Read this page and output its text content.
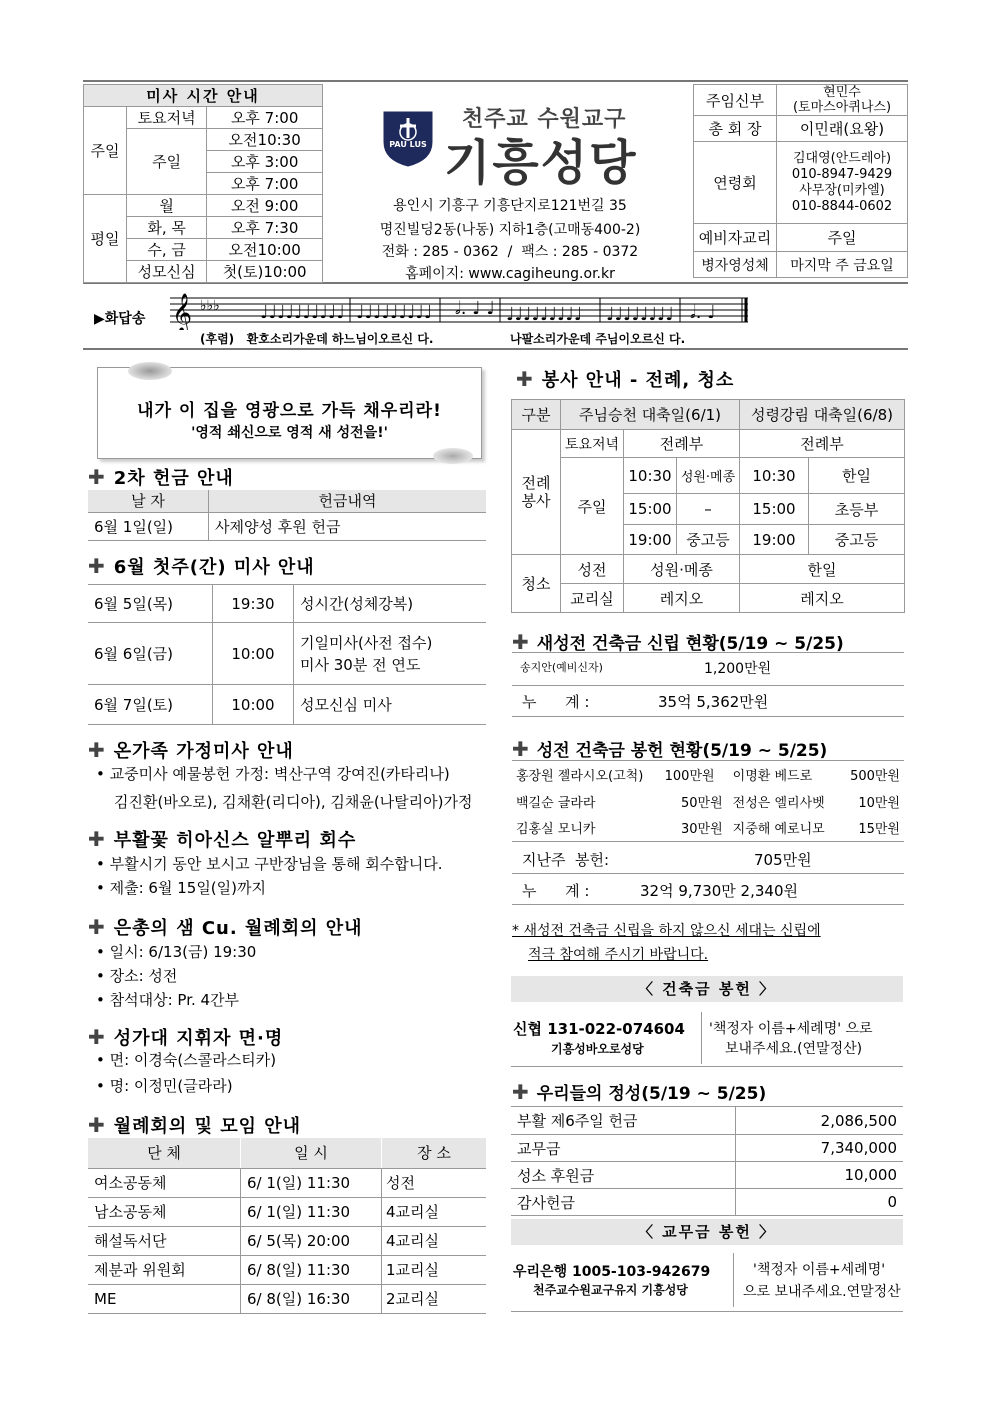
미사 시간 안내		
주일	토요저녁	오후 7:00
	주일	오전10:30
		오후 3:00
		오후 7:00
평일	월	오전 9:00
	화, 목	오후 7:30
	수, 금	오전10:00
	성모신심	첫(토)10:00
PAU LUS
천주교 수원교구
기흥성당
용인시 기흥구 기흥단지로121번길 35
명진빌딩2동(나동) 지하1층(고매동400-2)
전화 : 285 - 0362  /  팩스 : 285 - 0372
홈페이지: www.cagiheung.or.kr
주임신부	현민수
(토마스아퀴나스)
총 회 장	이민래(요왕)
연령회	김대영(안드레아)
010-8947-9429
사무장(미카엘)
010-8844-0602
예비자교리	주일
병자영성체	마지막 주 금요일
▶화답송 𝄞 ♭♭♭ ♩♩♩♩♩♩♩♩♩♩ ♩♩♩♩♩♩♩♩♩ 𝅗𝅥. ♩ ♩ ♩♩♩♩♩♩♩♩♩ ♩♩♩♩♩♩♩♩ 𝅗𝅥. ♩
(후렴)   환호소리가운데 하느님이오르신 다.	나팔소리가운데 주님이오르신 다.
내가 이 집을 영광으로 가득 채우리라!
'영적 쇄신으로 영적 새 성전을!'
✚ 2차 헌금 안내
날 자	헌금내역
6월 1일(일)	사제양성 후원 헌금
✚ 6월 첫주(간) 미사 안내
6월 5일(목)	19:30	성시간(성체강복)
6월 6일(금)	10:00	기일미사(사전 접수)
미사 30분 전 연도
6월 7일(토)	10:00	성모신심 미사
✚ 온가족 가정미사 안내
• 교중미사 예물봉헌 가정: 벽산구역 강여진(카타리나)
김진환(바오로), 김채환(리디아), 김채윤(나탈리아)가정
✚ 부활꽃 히아신스 알뿌리 회수
• 부활시기 동안 보시고 구반장님을 통해 회수합니다.
• 제출: 6월 15일(일)까지
✚ 은총의 샘 Cu. 월례회의 안내
• 일시: 6/13(금) 19:30
• 장소: 성전
• 참석대상: Pr. 4간부
✚ 성가대 지휘자 면·명
• 면: 이경숙(스콜라스티카)
• 명: 이정민(글라라)
✚ 월례회의 및 모임 안내
단 체	일 시	장 소
여소공동체	6/ 1(일) 11:30	성전
남소공동체	6/ 1(일) 11:30	4교리실
해설독서단	6/ 5(목) 20:00	4교리실
제분과 위원회	6/ 8(일) 11:30	1교리실
ME	6/ 8(일) 16:30	2교리실
✚ 봉사 안내 - 전례, 청소
구분	주님승천 대축일(6/1)			성령강림 대축일(6/8)	
전례
봉사	토요저녁	전례부		전례부	
	주일	10:30	성원·메종	10:30	한일
		15:00	–	15:00	초등부
		19:00	중고등	19:00	중고등
청소	성전	성원·메종		한일	
	교리실	레지오		레지오	
✚ 새성전 건축금 신립 현황(5/19 ~ 5/25)
송지안(예비신자)	1,200만원
누      계 :	35억 5,362만원
✚ 성전 건축금 봉헌 현황(5/19 ~ 5/25)
홍장원 젤라시오(고척)	100만원	이명환 베드로	500만원
백길순 글라라	50만원	전성은 엘리사벳	10만원
김홍실 모니카	30만원	지중해 예로니모	15만원
지난주  봉헌:	705만원
누      계 :	32억 9,730만 2,340원
* 새성전 건축금 신립을 하지 않으신 세대는 신립에
적극 참여해 주시기 바랍니다.
〈 건축금 봉헌 〉
신협 131-022-074604
기흥성바오로성당
'책정자 이름+세례명' 으로
보내주세요.(연말정산)
✚ 우리들의 정성(5/19 ~ 5/25)
부활 제6주일 헌금	2,086,500
교무금	7,340,000
성소 후원금	10,000
감사헌금	0
〈 교무금 봉헌 〉
우리은행 1005-103-942679
천주교수원교구유지 기흥성당
'책정자 이름+세례명'
으로 보내주세요.연말정산
